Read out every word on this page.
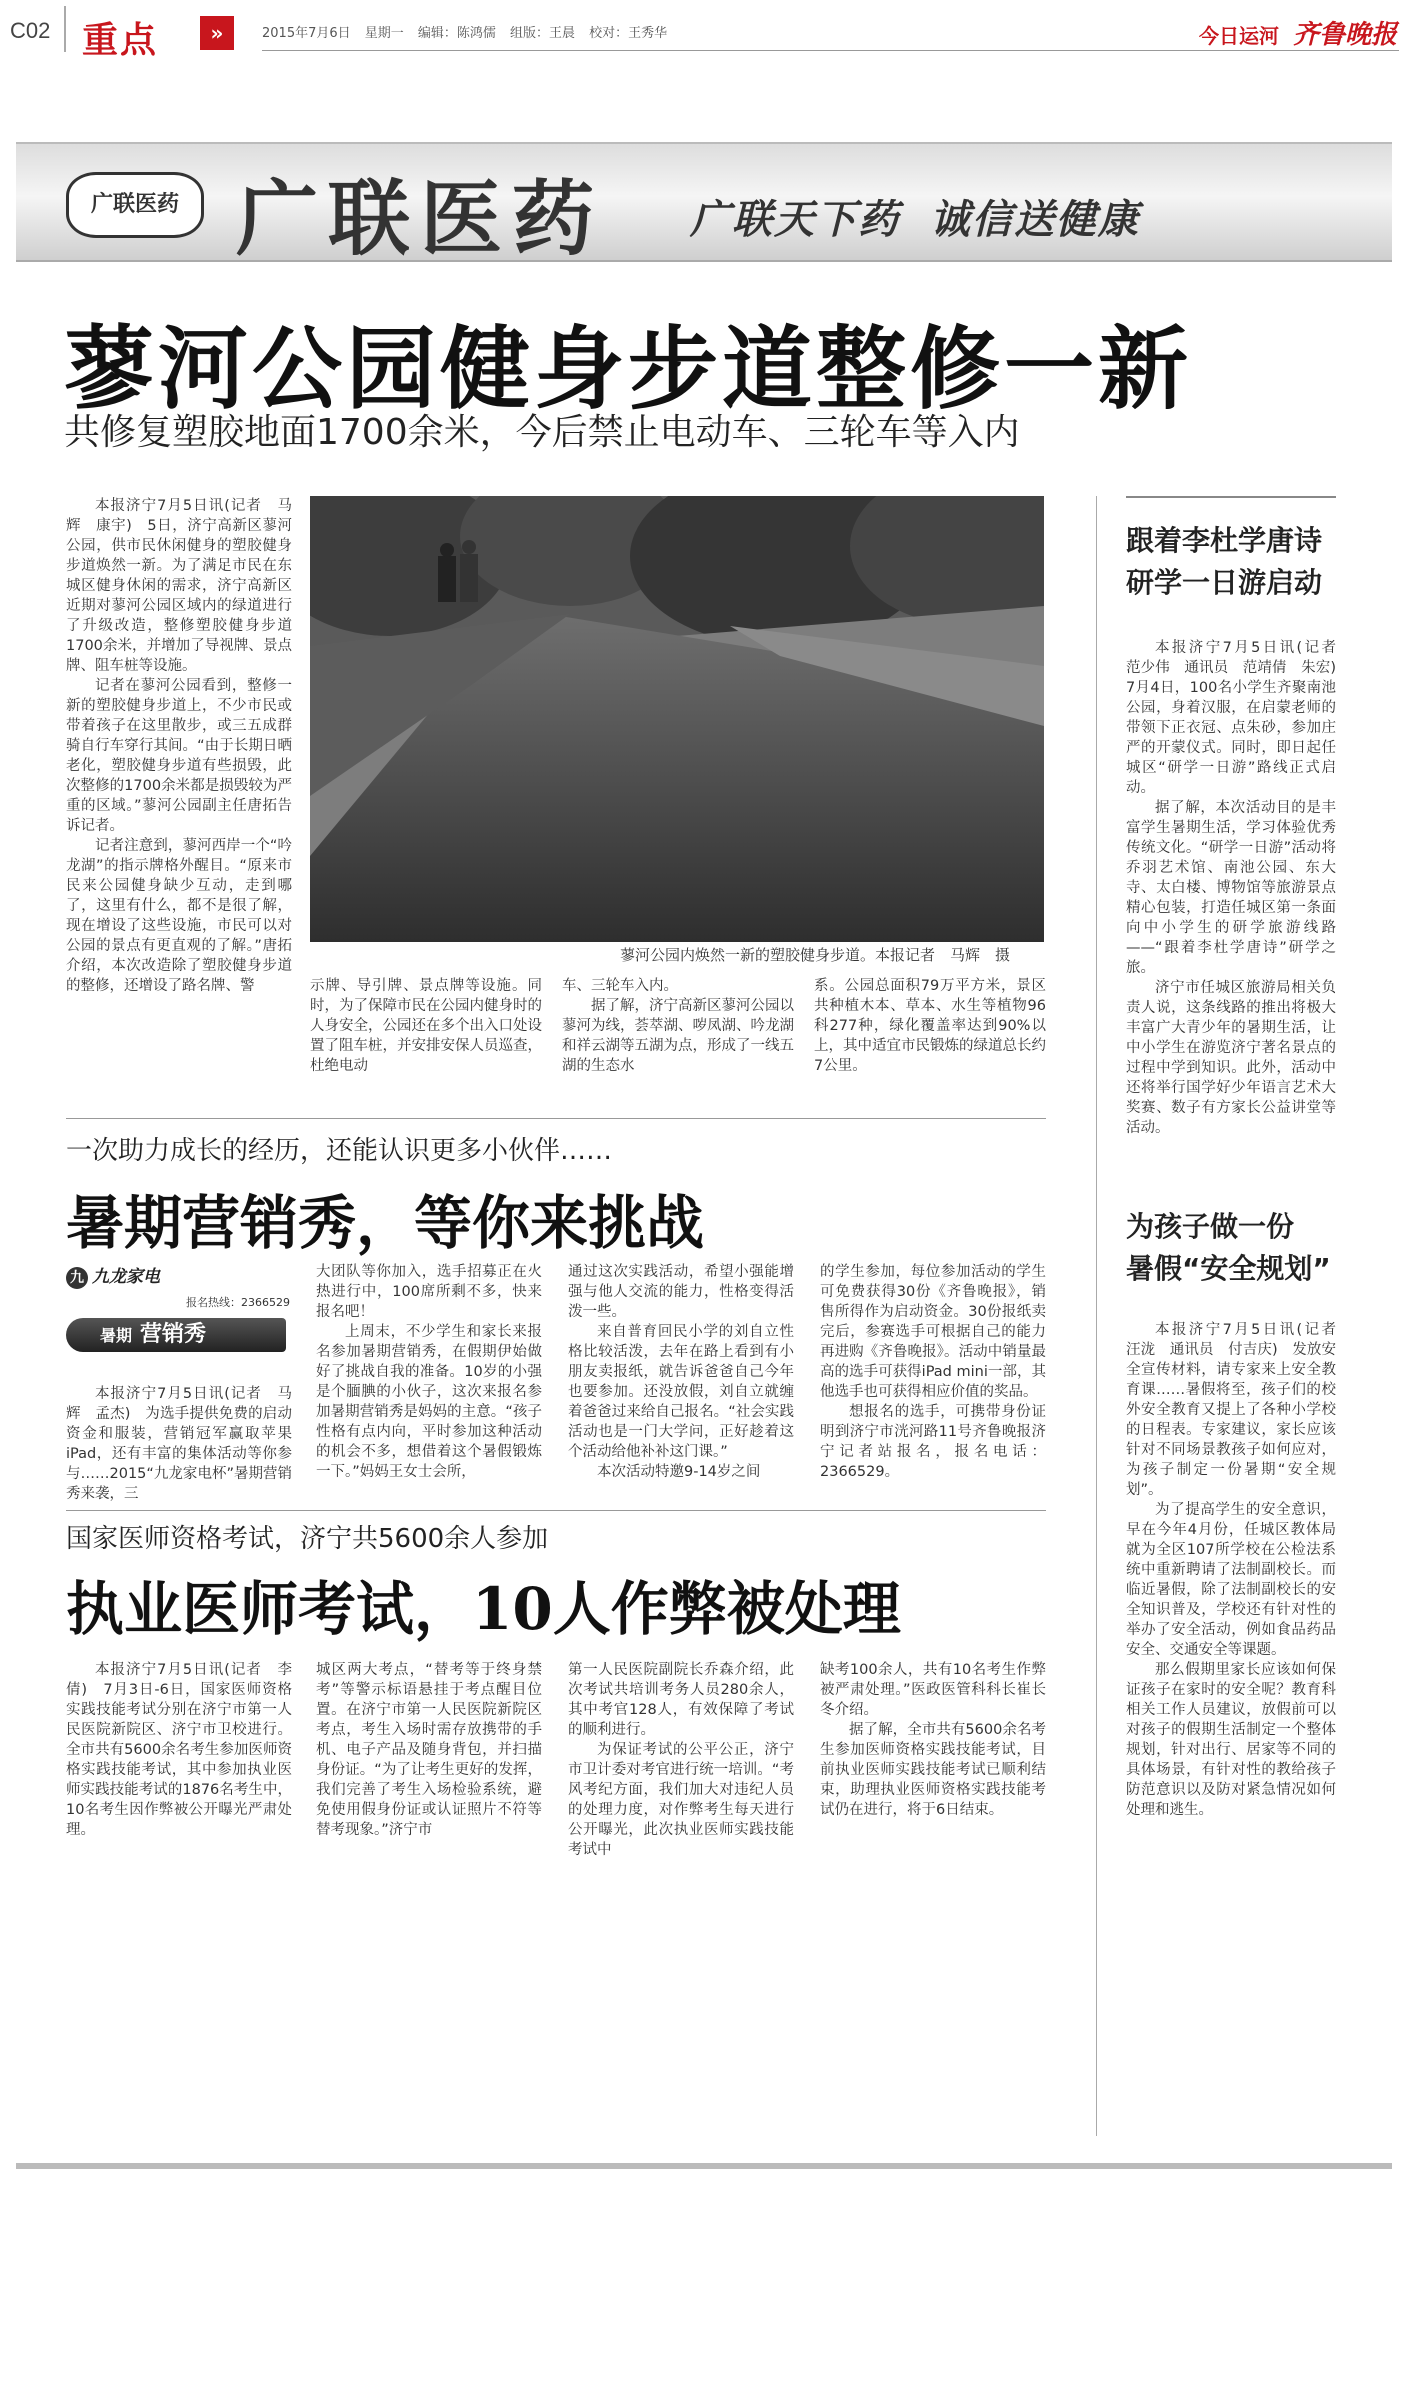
C02 重点	»	2015年7月6日 星期一 编辑：陈鸿儒 组版：王晨 校对：王秀华	今日运河 齐鲁晚报
广联医药 广联医药 广联天下药 诚信送健康
蓼河公园健身步道整修一新
共修复塑胶地面1700余米，今后禁止电动车、三轮车等入内

本报济宁7月5日讯(记者　马辉　康宇)　5日，济宁高新区蓼河公园，供市民休闲健身的塑胶健身步道焕然一新。为了满足市民在东城区健身休闲的需求，济宁高新区近期对蓼河公园区域内的绿道进行了升级改造，整修塑胶健身步道1700余米，并增加了导视牌、景点牌、阻车桩等设施。

记者在蓼河公园看到，整修一新的塑胶健身步道上，不少市民或带着孩子在这里散步，或三五成群骑自行车穿行其间。“由于长期日晒老化，塑胶健身步道有些损毁，此次整修的1700余米都是损毁较为严重的区域。”蓼河公园副主任唐拓告诉记者。

记者注意到，蓼河西岸一个“吟龙湖”的指示牌格外醒目。“原来市民来公园健身缺少互动，走到哪了，这里有什么，都不是很了解，现在增设了这些设施，市民可以对公园的景点有更直观的了解。”唐拓介绍，本次改造除了塑胶健身步道的整修，还增设了路名牌、警

蓼河公园内焕然一新的塑胶健身步道。本报记者　马辉　摄

示牌、导引牌、景点牌等设施。同时，为了保障市民在公园内健身时的人身安全，公园还在多个出入口处设置了阻车桩，并安排安保人员巡查，杜绝电动

车、三轮车入内。

据了解，济宁高新区蓼河公园以蓼河为线，荟萃湖、哕凤湖、吟龙湖和祥云湖等五湖为点，形成了一线五湖的生态水

系。公园总面积79万平方米，景区共种植木本、草本、水生等植物96科277种，绿化覆盖率达到90%以上，其中适宜市民锻炼的绿道总长约7公里。

一次助力成长的经历，还能认识更多小伙伴……
暑期营销秀，等你来挑战
九 九龙家电
报名热线：2366529
暑期 营销秀

本报济宁7月5日讯(记者　马辉　孟杰)　为选手提供免费的启动资金和服装，营销冠军赢取苹果iPad，还有丰富的集体活动等你参与……2015“九龙家电杯”暑期营销秀来袭，三

大团队等你加入，选手招募正在火热进行中，100席所剩不多，快来报名吧！

上周末，不少学生和家长来报名参加暑期营销秀，在假期伊始做好了挑战自我的准备。10岁的小强是个腼腆的小伙子，这次来报名参加暑期营销秀是妈妈的主意。“孩子性格有点内向，平时参加这种活动的机会不多，想借着这个暑假锻炼一下。”妈妈王女士会所，

通过这次实践活动，希望小强能增强与他人交流的能力，性格变得活泼一些。

来自普育回民小学的刘自立性格比较活泼，去年在路上看到有小朋友卖报纸，就告诉爸爸自己今年也要参加。还没放假，刘自立就缠着爸爸过来给自己报名。“社会实践活动也是一门大学问，正好趁着这个活动给他补补这门课。”

本次活动特邀9-14岁之间

的学生参加，每位参加活动的学生可免费获得30份《齐鲁晚报》，销售所得作为启动资金。30份报纸卖完后，参赛选手可根据自己的能力再进购《齐鲁晚报》。活动中销量最高的选手可获得iPad mini一部，其他选手也可获得相应价值的奖品。

想报名的选手，可携带身份证明到济宁市洸河路11号齐鲁晚报济宁记者站报名，报名电话：2366529。

国家医师资格考试，济宁共5600余人参加
执业医师考试，10人作弊被处理

本报济宁7月5日讯(记者　李倩)　7月3日-6日，国家医师资格实践技能考试分别在济宁市第一人民医院新院区、济宁市卫校进行。全市共有5600余名考生参加医师资格实践技能考试，其中参加执业医师实践技能考试的1876名考生中，10名考生因作弊被公开曝光严肃处理。

城区两大考点，“替考等于终身禁考”等警示标语悬挂于考点醒目位置。在济宁市第一人民医院新院区考点，考生入场时需存放携带的手机、电子产品及随身背包，并扫描身份证。“为了让考生更好的发挥，我们完善了考生入场检验系统，避免使用假身份证或认证照片不符等替考现象。”济宁市

第一人民医院副院长乔森介绍，此次考试共培训考务人员280余人，其中考官128人，有效保障了考试的顺利进行。

为保证考试的公平公正，济宁市卫计委对考官进行统一培训。“考风考纪方面，我们加大对违纪人员的处理力度，对作弊考生每天进行公开曝光，此次执业医师实践技能考试中

缺考100余人，共有10名考生作弊被严肃处理。”医政医管科科长崔长冬介绍。

据了解，全市共有5600余名考生参加医师资格实践技能考试，目前执业医师实践技能考试已顺利结束，助理执业医师资格实践技能考试仍在进行，将于6日结束。

跟着李杜学唐诗
研学一日游启动

本报济宁7月5日讯(记者　范少伟　通讯员　范靖倩　朱宏)　7月4日，100名小学生齐聚南池公园，身着汉服，在启蒙老师的带领下正衣冠、点朱砂，参加庄严的开蒙仪式。同时，即日起任城区“研学一日游”路线正式启动。

据了解，本次活动目的是丰富学生暑期生活，学习体验优秀传统文化。“研学一日游”活动将乔羽艺术馆、南池公园、东大寺、太白楼、博物馆等旅游景点精心包装，打造任城区第一条面向中小学生的研学旅游线路——“跟着李杜学唐诗”研学之旅。

济宁市任城区旅游局相关负责人说，这条线路的推出将极大丰富广大青少年的暑期生活，让中小学生在游览济宁著名景点的过程中学到知识。此外，活动中还将举行国学好少年语言艺术大奖赛、数子有方家长公益讲堂等活动。

为孩子做一份
暑假“安全规划”

本报济宁7月5日讯(记者　汪泷　通讯员　付吉庆)　发放安全宣传材料，请专家来上安全教育课……暑假将至，孩子们的校外安全教育又提上了各种小学校的日程表。专家建议，家长应该针对不同场景教孩子如何应对，为孩子制定一份暑期“安全规划”。

为了提高学生的安全意识，早在今年4月份，任城区教体局就为全区107所学校在公检法系统中重新聘请了法制副校长。而临近暑假，除了法制副校长的安全知识普及，学校还有针对性的举办了安全活动，例如食品药品安全、交通安全等课题。

那么假期里家长应该如何保证孩子在家时的安全呢？教育科相关工作人员建议，放假前可以对孩子的假期生活制定一个整体规划，针对出行、居家等不同的具体场景，有针对性的教给孩子防范意识以及防对紧急情况如何处理和逃生。
